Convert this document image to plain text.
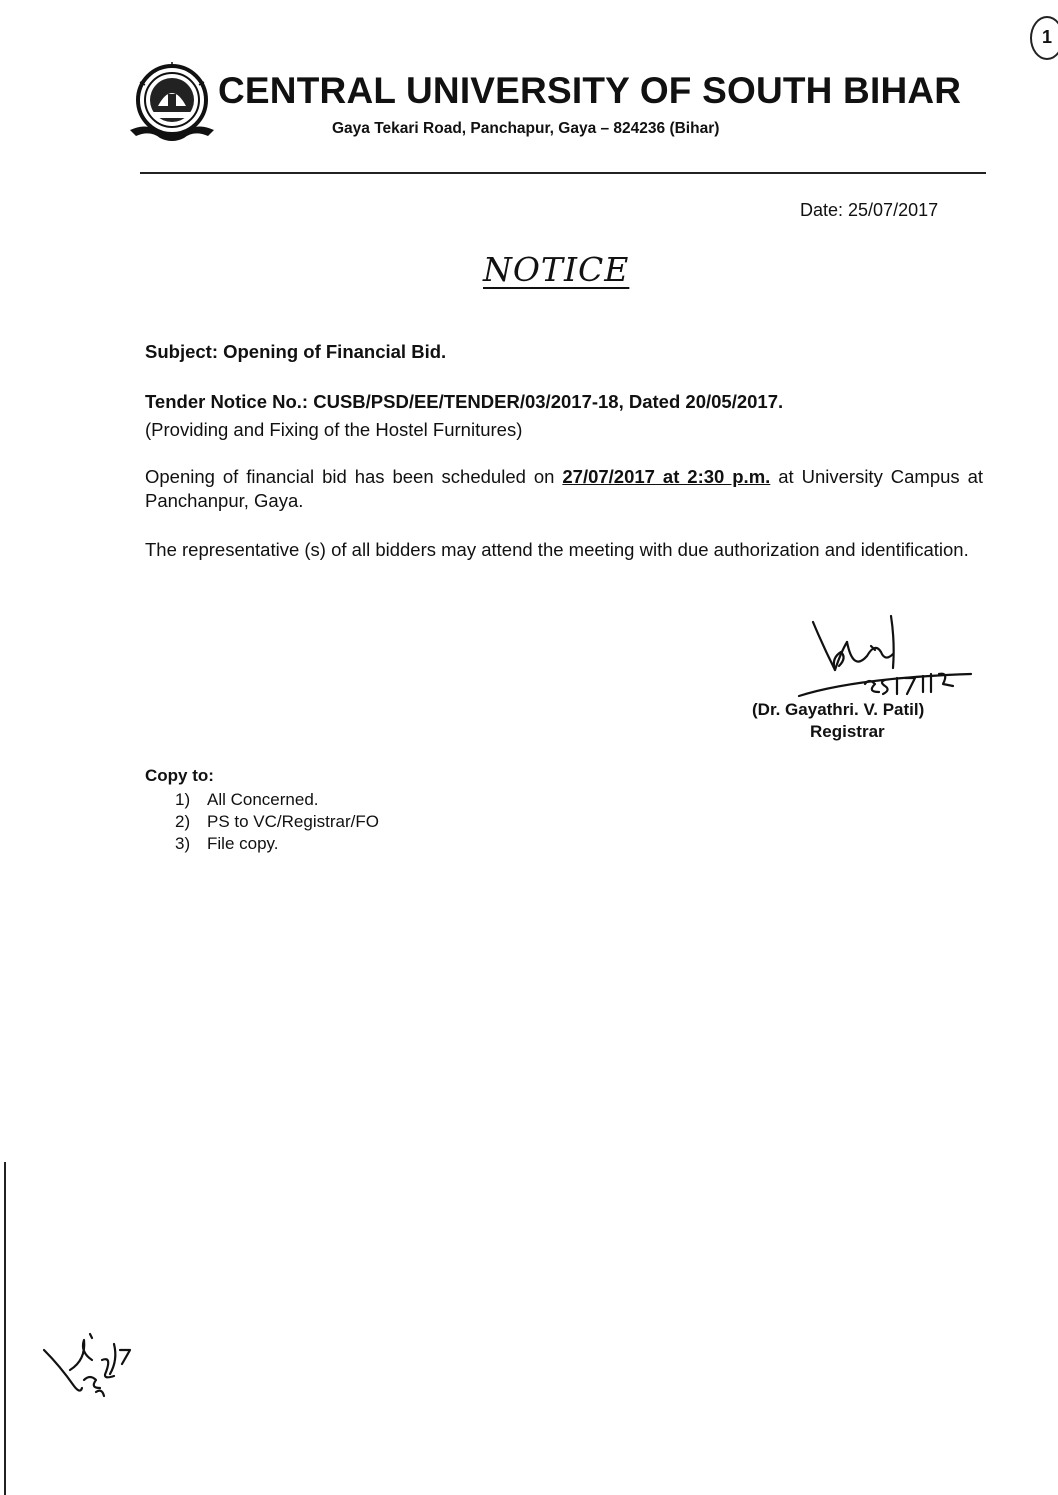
1
CENTRAL UNIVERSITY OF SOUTH BIHAR
Gaya Tekari Road, Panchapur, Gaya – 824236 (Bihar)
Date: 25/07/2017
NOTICE
Subject: Opening of Financial Bid.
Tender Notice No.: CUSB/PSD/EE/TENDER/03/2017-18, Dated 20/05/2017.
(Providing and Fixing of the Hostel Furnitures)
Opening of financial bid has been scheduled on 27/07/2017 at 2:30 p.m. at University Campus at Panchanpur, Gaya.
The representative (s) of all bidders may attend the meeting with due authorization and identification.
25|7|17
(Dr. Gayathri. V. Patil)
Registrar
Copy to:
1) All Concerned.
2) PS to VC/Registrar/FO
3) File copy.
